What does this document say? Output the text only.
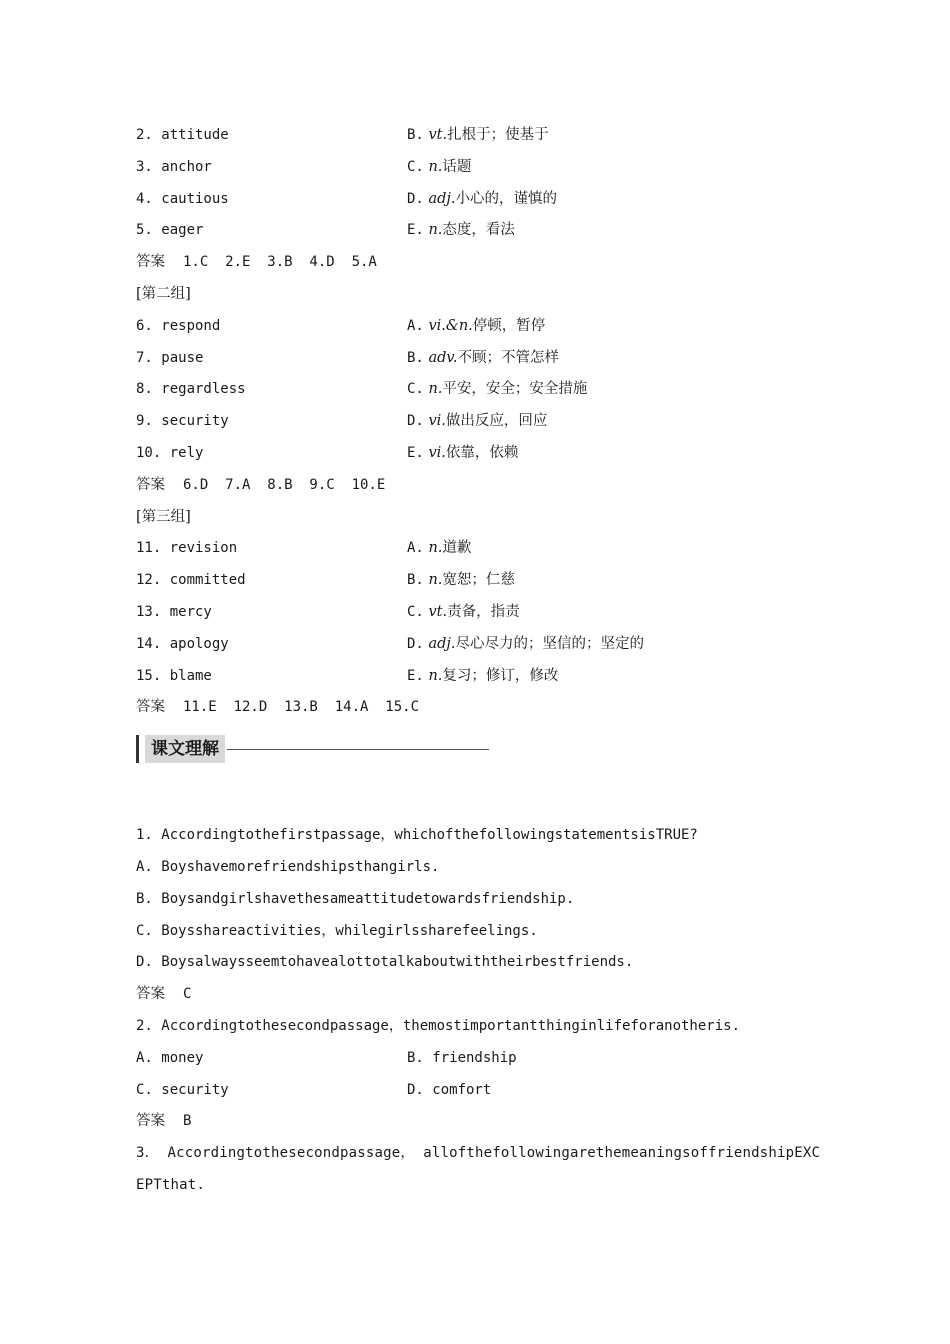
2. attitude	B. vt.扎根于；使基于
3. anchor	C. n.话题
4. cautious	D. adj.小心的，谨慎的
5. eager	E. n.态度，看法
答案 1.C  2.E  3.B  4.D  5.A
[第二组]
6. respond	A. vi.&n.停顿，暂停
7. pause	B. adv.不顾；不管怎样
8. regardless	C. n.平安，安全；安全措施
9. security	D. vi.做出反应，回应
10. rely	E. vi.依靠，依赖
答案 6.D  7.A  8.B  9.C  10.E
[第三组]
11. revision	A. n.道歉
12. committed	B. n.宽恕；仁慈
13. mercy	C. vt.责备，指责
14. apology	D. adj.尽心尽力的；坚信的；坚定的
15. blame	E. n.复习；修订，修改
答案 11.E  12.D  13.B  14.A  15.C
课文理解
1. Accordingtothefirstpassage，whichofthefollowingstatementsisTRUE?
A. Boyshavemorefriendshipsthangirls.
B. Boysandgirlshavethesameattitudetowardsfriendship.
C. Boysshareactivities，whilegirlssharefeelings.
D. Boysalwaysseemtohavealottotalkaboutwiththeirbestfriends.
答案 C
2. Accordingtothesecondpassage，themostimportantthinginlifeforanotheris.
A. money	B. friendship
C. security	D. comfort
答案 B
3． Accordingtothesecondpassage， allofthefollowingarethemeaningsoffriendshipEXCEPTthat.
